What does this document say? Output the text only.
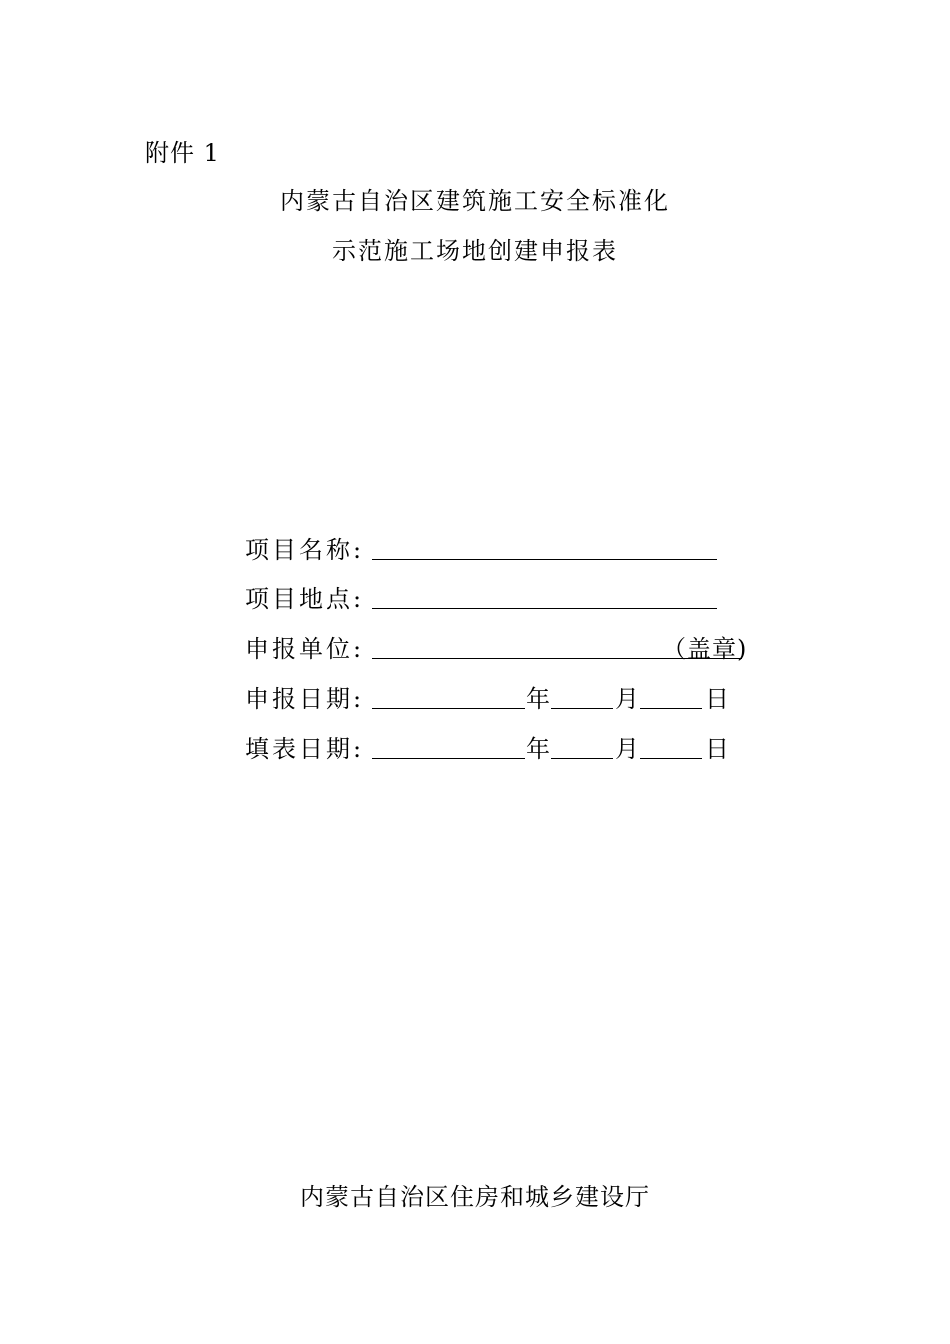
附件 1
内蒙古自治区建筑施工安全标准化
示范施工场地创建申报表
项目名称:
项目地点:
申报单位:	（盖章)
申报日期:	年	月	日
填表日期:	年	月	日
内蒙古自治区住房和城乡建设厅
